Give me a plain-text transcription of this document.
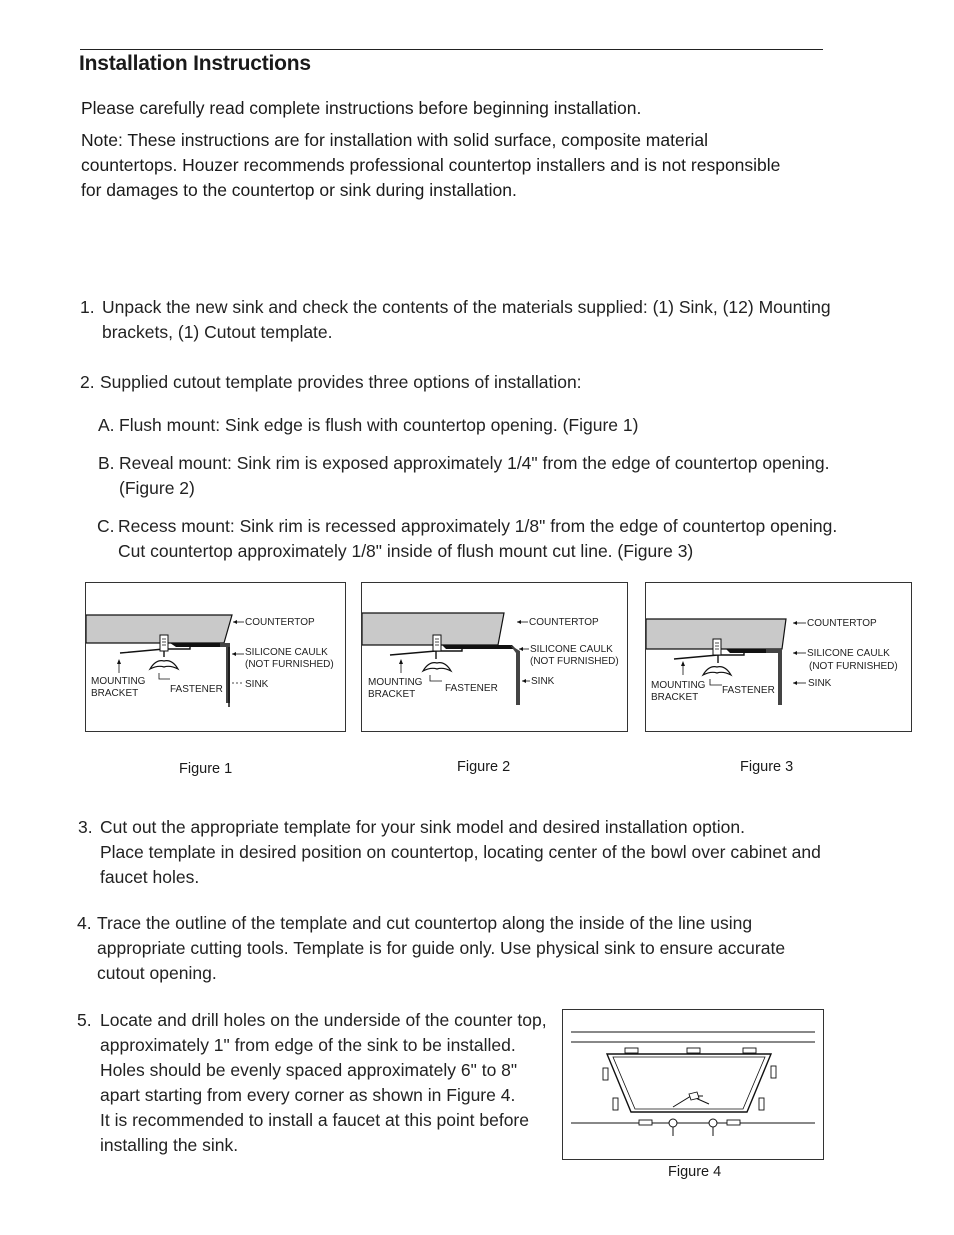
Installation Instructions
Please carefully read complete instructions before beginning installation.
Note: These instructions are for installation with solid surface, composite material
countertops. Houzer recommends professional countertop installers and is not responsible
for damages to the countertop or sink during installation.
1. Unpack the new sink and check the contents of the materials supplied: (1) Sink, (12) Mounting
brackets, (1) Cutout template.
2. Supplied cutout template provides three options of installation:
A. Flush mount: Sink edge is flush with countertop opening. (Figure 1)
B. Reveal mount: Sink rim is exposed approximately 1/4" from the edge of countertop opening.
(Figure 2)
C. Recess mount: Sink rim is recessed approximately 1/8" from the edge of countertop opening.
Cut countertop approximately 1/8" inside of flush mount cut line. (Figure 3)
COUNTERTOP
SILICONE CAULK
(NOT FURNISHED)
SINK
MOUNTING
BRACKET	FASTENER
COUNTERTOP
SILICONE CAULK
(NOT FURNISHED)
SINK
MOUNTING
BRACKET
FASTENER
COUNTERTOP
SILICONE CAULK
(NOT FURNISHED)
SINK
MOUNTING
BRACKET
FASTENER
Figure 1	Figure 2	Figure 3
3. Cut out the appropriate template for your sink model and desired installation option.
Place template in desired position on countertop, locating center of the bowl over cabinet and
faucet holes.
4. Trace the outline of the template and cut countertop along the inside of the line using
appropriate cutting tools. Template is for guide only. Use physical sink to ensure accurate
cutout opening.
5. Locate and drill holes on the underside of the counter top,
approximately 1" from edge of the sink to be installed.
Holes should be evenly spaced approximately 6" to 8"
apart starting from every corner as shown in Figure 4.
It is recommended to install a faucet at this point before
installing the sink.
Figure 4
